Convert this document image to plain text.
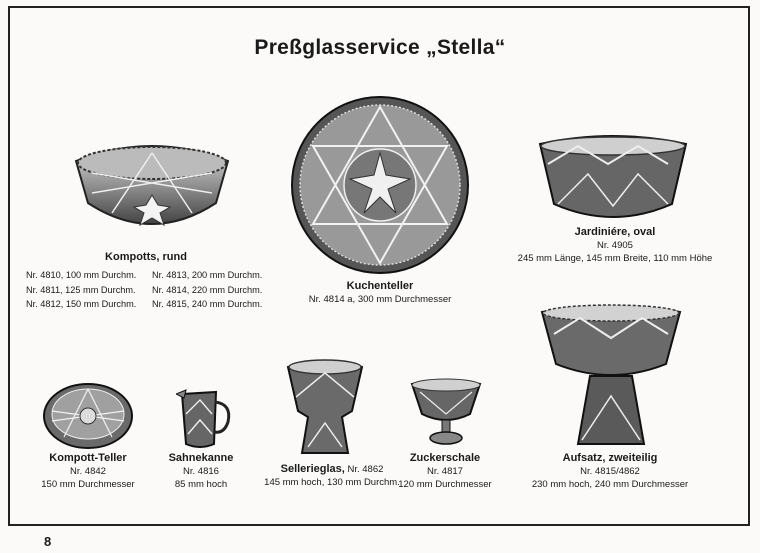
Preßglasservice „Stella“
Kompotts, rund
Nr. 4810, 100 mm Durchm.
Nr. 4811, 125 mm Durchm.
Nr. 4812, 150 mm Durchm.
Nr. 4813, 200 mm Durchm.
Nr. 4814, 220 mm Durchm.
Nr. 4815, 240 mm Durchm.
Kuchenteller
Nr. 4814 a, 300 mm Durchmesser
Jardiniére, oval
Nr. 4905
245 mm Länge, 145 mm Breite, 110 mm Höhe
Kompott-Teller
Nr. 4842
150 mm Durchmesser
Sahnekanne
Nr. 4816
85 mm hoch
Sellerieglas, Nr. 4862
145 mm hoch, 130 mm Durchm.
Zuckerschale
Nr. 4817
120 mm Durchmesser
Aufsatz, zweiteilig
Nr. 4815/4862
230 mm hoch, 240 mm Durchmesser
8
